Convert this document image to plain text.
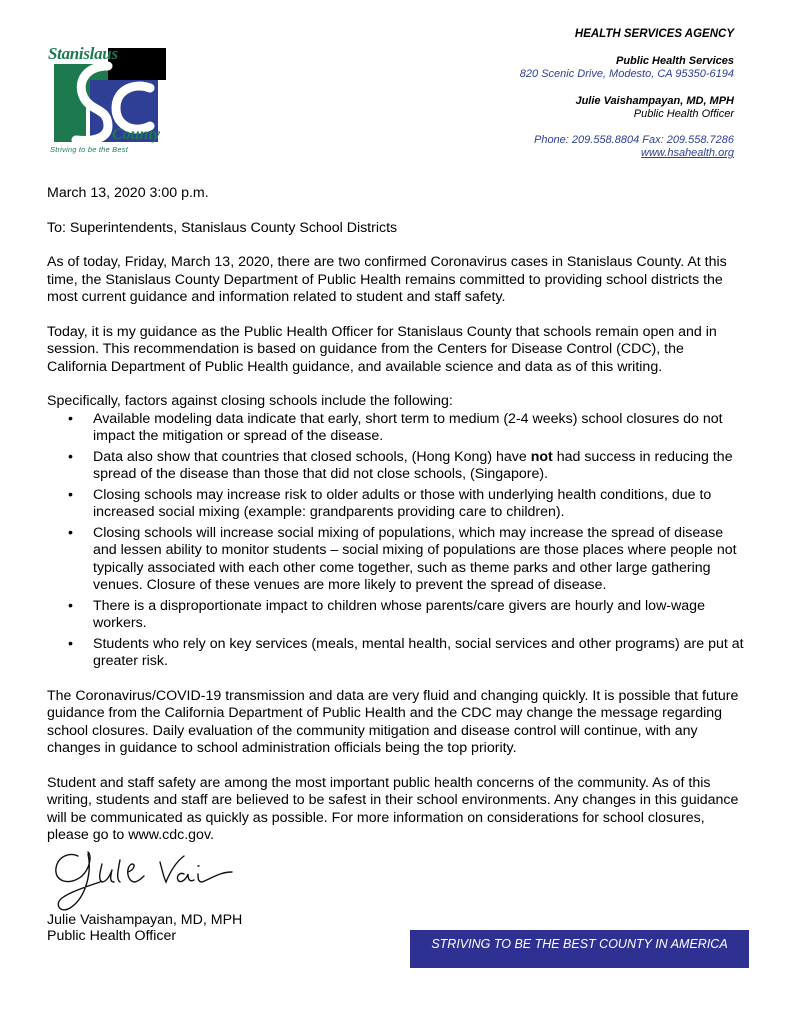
Stanislaus
County
Striving to be the Best
HEALTH SERVICES AGENCY
Public Health Services
820 Scenic Drive, Modesto, CA 95350-6194
Julie Vaishampayan, MD, MPH
Public Health Officer
Phone: 209.558.8804 Fax: 209.558.7286
www.hsahealth.org

March 13, 2020 3:00 p.m.

To: Superintendents, Stanislaus County School Districts

As of today, Friday, March 13, 2020, there are two confirmed Coronavirus cases in Stanislaus County. At this time, the Stanislaus County Department of Public Health remains committed to providing school districts the most current guidance and information related to student and staff safety.

Today, it is my guidance as the Public Health Officer for Stanislaus County that schools remain open and in session. This recommendation is based on guidance from the Centers for Disease Control (CDC), the California Department of Public Health guidance, and available science and data as of this writing.

Specifically, factors against closing schools include the following:

• Available modeling data indicate that early, short term to medium (2-4 weeks) school closures do not impact the mitigation or spread of the disease.
• Data also show that countries that closed schools, (Hong Kong) have not had success in reducing the spread of the disease than those that did not close schools, (Singapore).
• Closing schools may increase risk to older adults or those with underlying health conditions, due to increased social mixing (example: grandparents providing care to children).
• Closing schools will increase social mixing of populations, which may increase the spread of disease and lessen ability to monitor students – social mixing of populations are those places where people not typically associated with each other come together, such as theme parks and other large gathering venues. Closure of these venues are more likely to prevent the spread of disease.
• There is a disproportionate impact to children whose parents/care givers are hourly and low-wage workers.
• Students who rely on key services (meals, mental health, social services and other programs) are put at greater risk.

The Coronavirus/COVID-19 transmission and data are very fluid and changing quickly. It is possible that future guidance from the California Department of Public Health and the CDC may change the message regarding school closures. Daily evaluation of the community mitigation and disease control will continue, with any changes in guidance to school administration officials being the top priority.

Student and staff safety are among the most important public health concerns of the community. As of this writing, students and staff are believed to be safest in their school environments. Any changes in this guidance will be communicated as quickly as possible. For more information on considerations for school closures, please go to www.cdc.gov.

Julie Vaishampayan, MD, MPH
Public Health Officer	STRIVING TO BE THE BEST COUNTY IN AMERICA
